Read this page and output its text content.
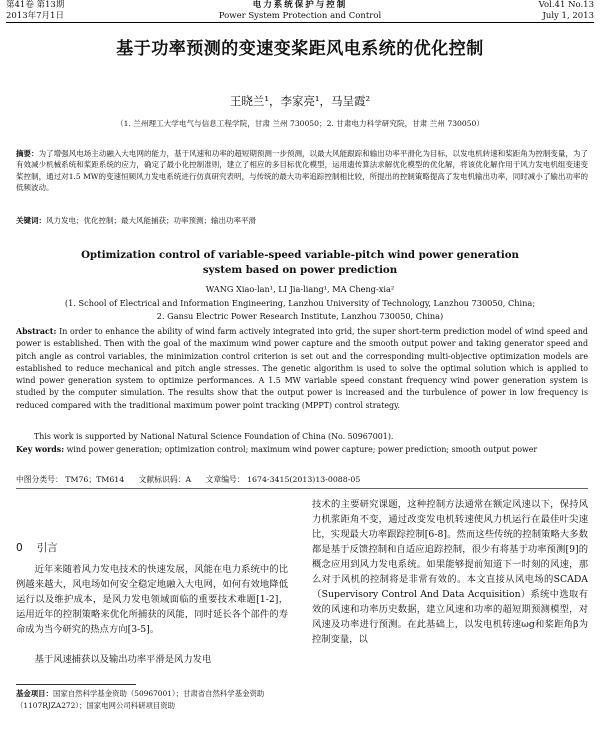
第41卷 第13期
2013年7月1日
电力系统保护与控制
Power System Protection and Control
Vol.41 No.13
July 1, 2013
基于功率预测的变速变桨距风电系统的优化控制
王晓兰¹，李家亮¹，马呈霞²
（1. 兰州理工大学电气与信息工程学院，甘肃 兰州 730050；2. 甘肃电力科学研究院，甘肃 兰州 730050）
摘要：为了增强风电场主动融入大电网的能力，基于风速和功率的超短期预测一步预测，以最大风能跟踪和输出功率平滑化为目标，以发电机转速和桨距角为控制变量，为了有效减少机械系统和桨距系统的应力，确定了最小化控制准则，建立了相应的多目标优化模型，运用遗传算法求解优化模型的优化解，将该优化解作用于风力发电机组变速变桨控制，通过对1.5 MW的变速恒频风力发电系统进行仿真研究表明，与传统的最大功率追踪控制相比较，所提出的控制策略提高了发电机输出功率，同时减小了输出功率的低频波动。
关键词：风力发电；优化控制；最大风能捕获；功率预测；输出功率平滑
Optimization control of variable-speed variable-pitch wind power generation system based on power prediction
WANG Xiao-lan¹, LI Jia-liang¹, MA Cheng-xia²
(1. School of Electrical and Information Engineering, Lanzhou University of Technology, Lanzhou 730050, China;
2. Gansu Electric Power Research Institute, Lanzhou 730050, China)
Abstract: In order to enhance the ability of wind farm actively integrated into grid, the super short-term prediction model of wind speed and power is established. Then with the goal of the maximum wind power capture and the smooth output power and taking generator speed and pitch angle as control variables, the minimization control criterion is set out and the corresponding multi-objective optimization models are established to reduce mechanical and pitch angle stresses. The genetic algorithm is used to solve the optimal solution which is applied to wind power generation system to optimize performances. A 1.5 MW variable speed constant frequency wind power generation system is studied by the computer simulation. The results show that the output power is increased and the turbulence of power in low frequency is reduced compared with the traditional maximum power point tracking (MPPT) control strategy.
This work is supported by National Natural Science Foundation of China (No. 50967001).
Key words: wind power generation; optimization control; maximum wind power capture; power prediction; smooth output power
中图分类号： TM76；TM614 文献标识码：A 文章编号： 1674-3415(2013)13-0088-05
0 引言
近年来随着风力发电技术的快速发展，风能在电力系统中的比例越来越大，风电场如何安全稳定地融入大电网，如何有效地降低运行以及维护成本，是风力发电领域面临的重要技术难题[1-2]，运用近年的控制策略来优化所捕获的风能，同时延长各个部件的寿命成为当今研究的热点方向[3-5]。
基于风速捕获以及输出功率平滑是风力发电
技术的主要研究课题，这种控制方法通常在额定风速以下，保持风力机浆距角不变，通过改变发电机转速使风力机运行在最佳叶尖速比，实现最大功率跟踪控制[6-8]。然而这些传统的控制策略大多数都是基于反馈控制和自适应追踪控制，很少有将基于功率预测[9]的概念应用到风力发电系统。如果能够提前知道下一时刻的风速，那么对于风机的控制将是非常有效的。本文直接从风电场的SCADA（Supervisory Control And Data Acquisition）系统中选取有效的风速和功率历史数据，建立风速和功率的超短期预测模型，对风速及功率进行预测。在此基础上，以发电机转速ωg和桨距角β为控制变量，以
基金项目：国家自然科学基金资助（50967001）；甘肃省自然科学基金资助（1107RJZA272）；国家电网公司科研项目资助
